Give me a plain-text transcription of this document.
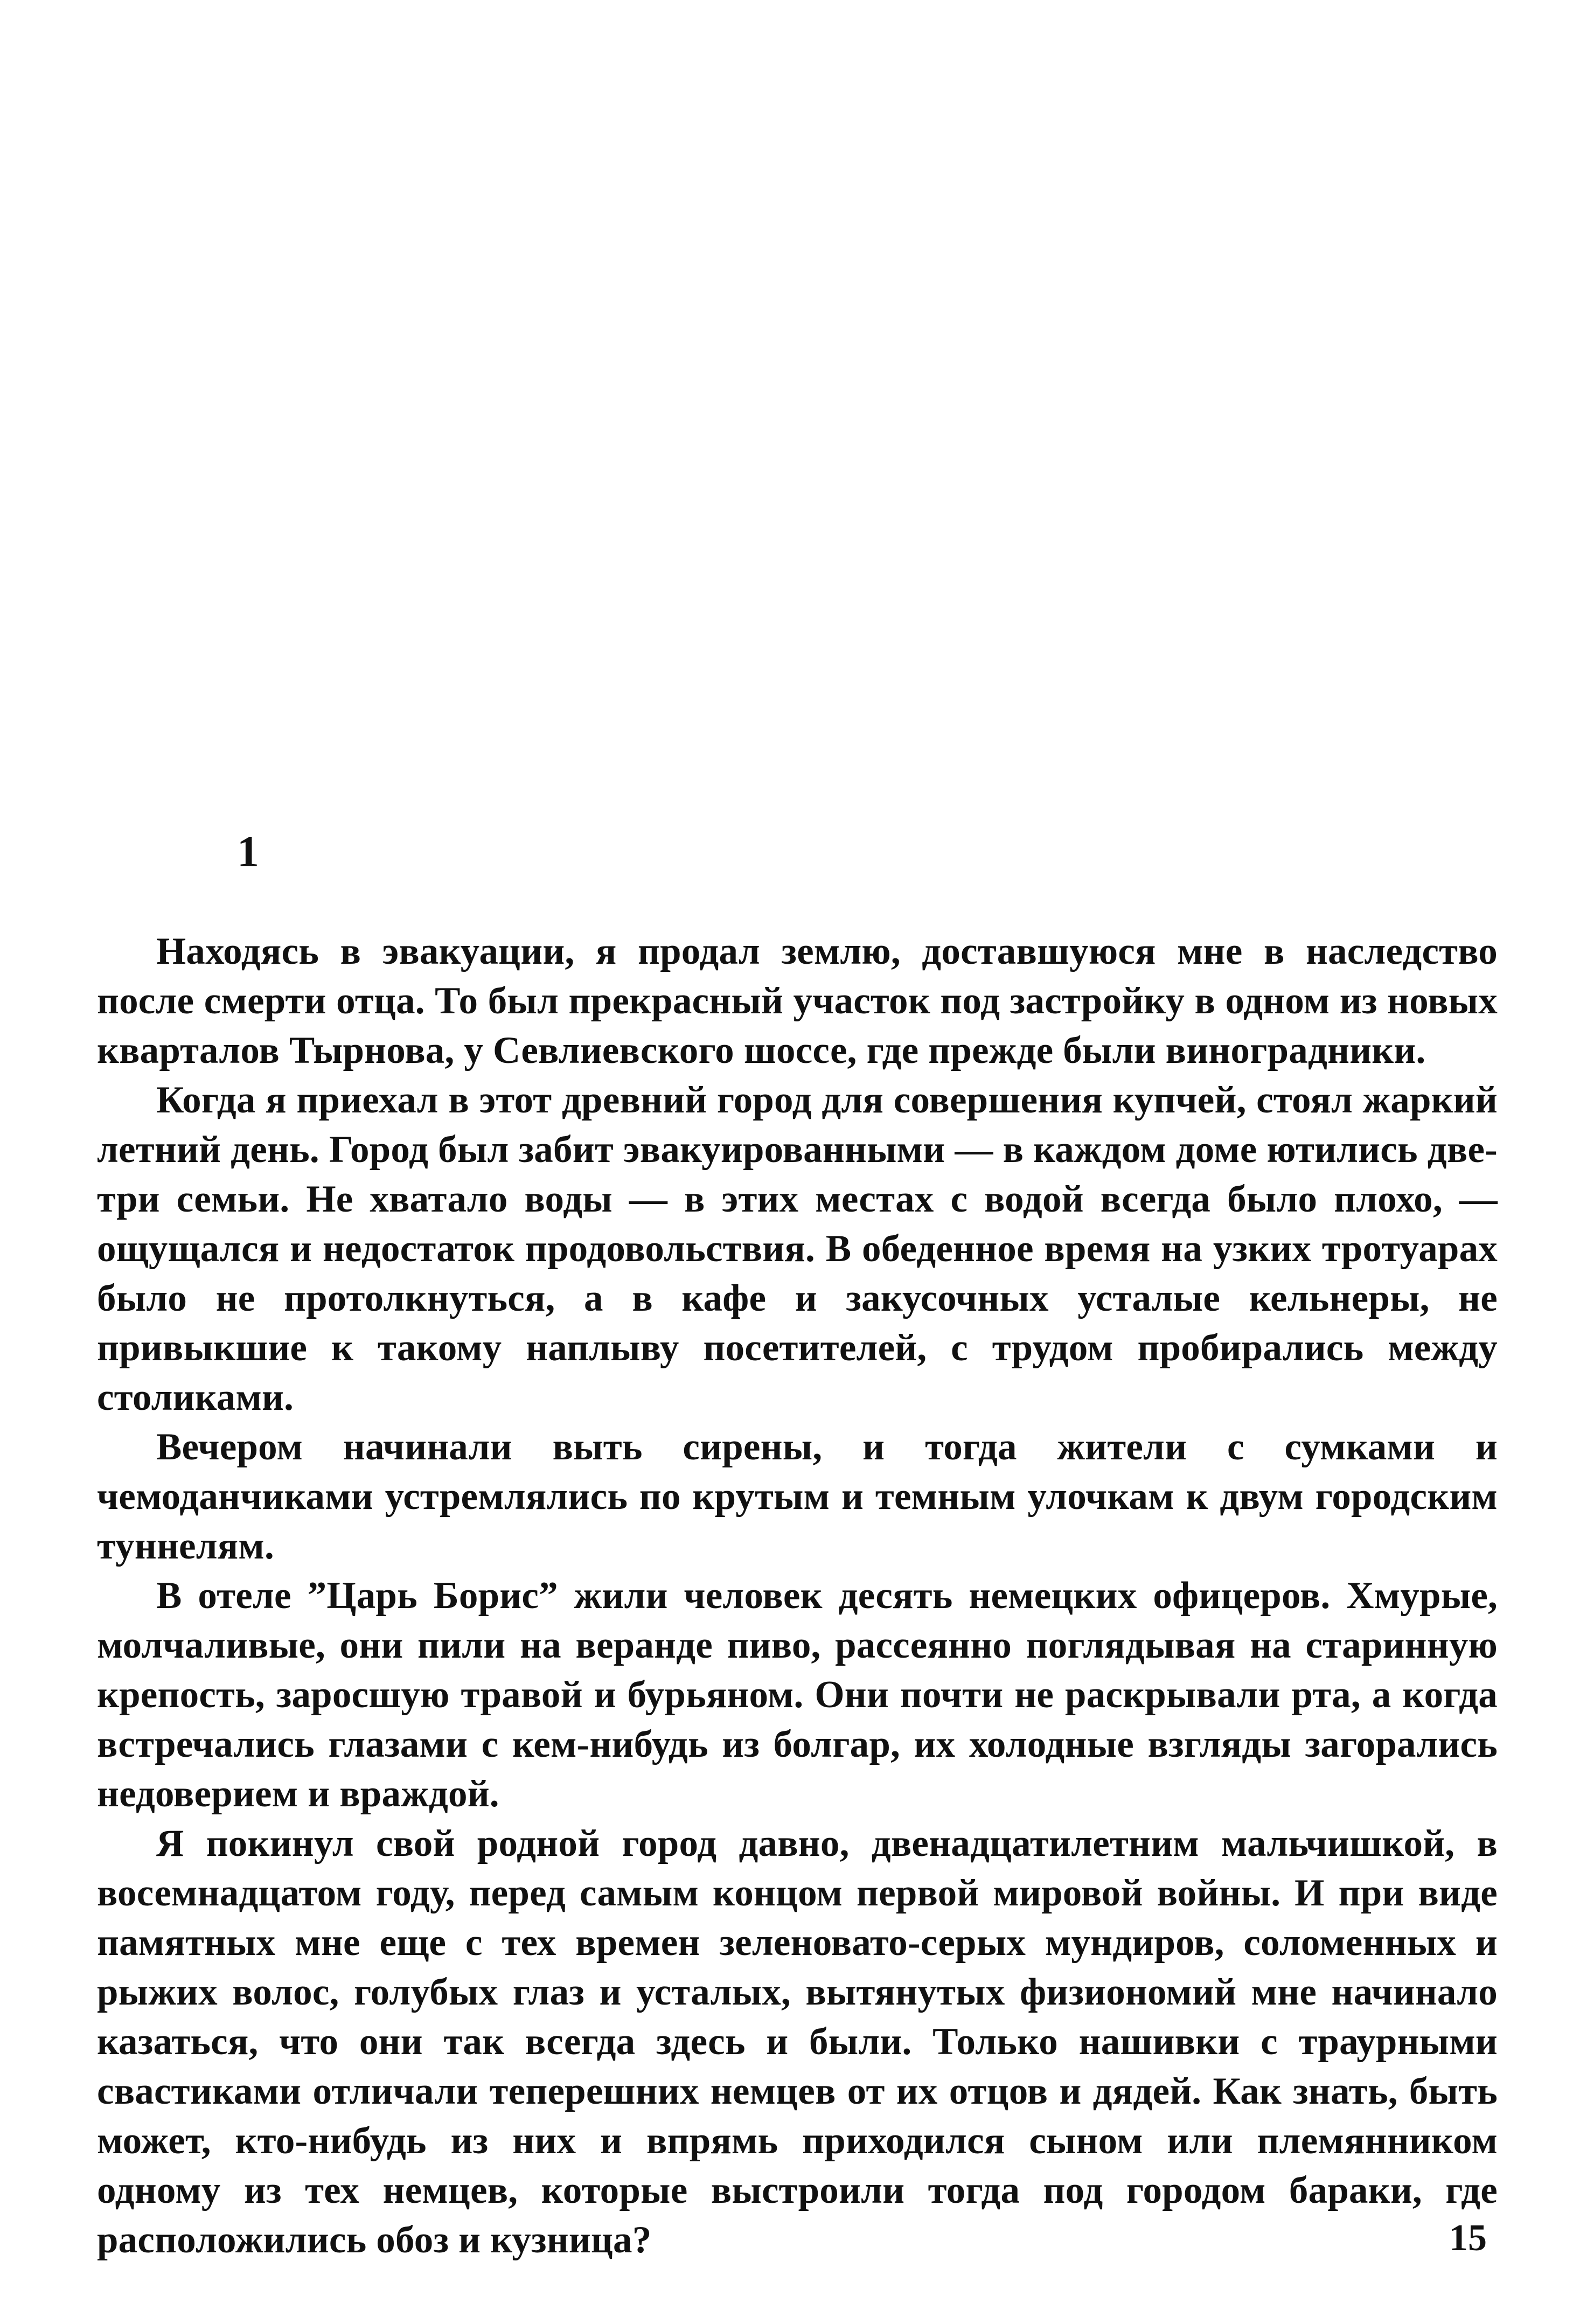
1

Находясь в эвакуации, я продал землю, доставшуюся мне в наследство после смерти отца. То был прекрасный участок под застройку в одном из новых кварталов Тырнова, у Севлиевского шоссе, где прежде были виноградники.

Когда я приехал в этот древний город для совершения купчей, стоял жаркий летний день. Город был забит эвакуированными — в каждом доме ютились две-три семьи. Не хватало воды — в этих местах с водой всегда было плохо, — ощущался и недостаток продовольствия. В обеденное время на узких тротуарах было не протолкнуться, а в кафе и закусочных усталые кельнеры, не привыкшие к такому наплыву посетителей, с трудом пробирались между столиками.

Вечером начинали выть сирены, и тогда жители с сумками и чемоданчиками устремлялись по крутым и темным улочкам к двум городским туннелям.

В отеле ”Царь Борис” жили человек десять немецких офицеров. Хмурые, молчаливые, они пили на веранде пиво, рассеянно поглядывая на старинную крепость, заросшую травой и бурьяном. Они почти не раскрывали рта, а когда встречались глазами с кем-нибудь из болгар, их холодные взгляды загорались недоверием и враждой.

Я покинул свой родной город давно, двенадцатилетним мальчишкой, в восемнадцатом году, перед самым концом первой мировой войны. И при виде памятных мне еще с тех времен зеленовато-серых мундиров, соломенных и рыжих волос, голубых глаз и усталых, вытянутых физиономий мне начинало казаться, что они так всегда здесь и были. Только нашивки с траурными свастиками отличали теперешних немцев от их отцов и дядей. Как знать, быть может, кто-нибудь из них и впрямь приходился сыном или племянником одному из тех немцев, которые выстроили тогда под городом бараки, где расположились обоз и кузница?	15
